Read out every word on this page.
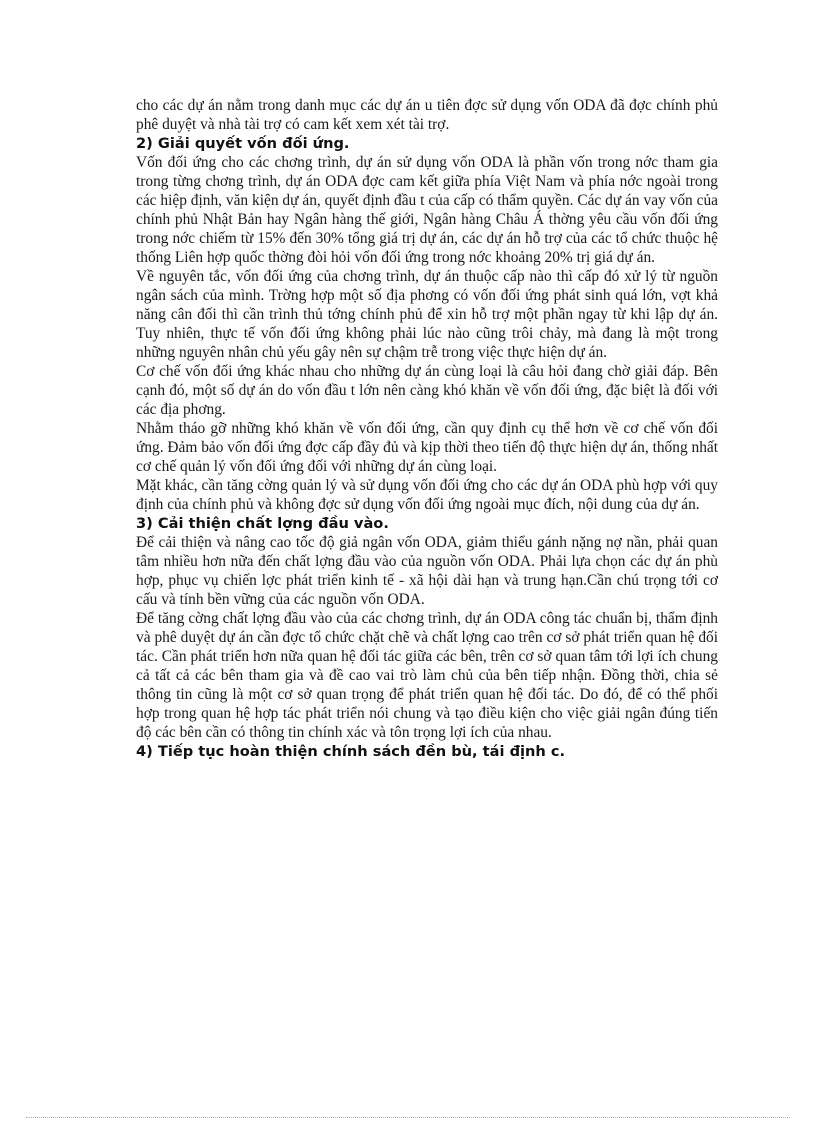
cho các dự án nằm trong danh mục các dự án u tiên đợc sử dụng vốn ODA đã đợc chính phủ phê duyệt và nhà tài trợ có cam kết xem xét tài trợ.

2) Giải quyết vốn đối ứng.

Vốn đối ứng cho các chơng trình, dự án sử dụng vốn ODA là phần vốn trong nớc tham gia trong từng chơng trình, dự án ODA đợc cam kết giữa phía Việt Nam và phía nớc ngoài trong các hiệp định, văn kiện dự án, quyết định đầu t của cấp có thẩm quyền. Các dự án vay vốn của chính phủ Nhật Bản hay Ngân hàng thế giới, Ngân hàng Châu Á thờng yêu cầu vốn đối ứng trong nớc chiếm từ 15% đến 30% tổng giá trị dự án, các dự án hỗ trợ của các tổ chức thuộc hệ thống Liên hợp quốc thờng đòi hỏi vốn đối ứng trong nớc khoảng 20% trị giá dự án.

Về nguyên tắc, vốn đối ứng của chơng trình, dự án thuộc cấp nào thì cấp đó xử lý từ nguồn ngân sách của mình. Trờng hợp một số địa phơng có vốn đối ứng phát sinh quá lớn, vợt khả năng cân đối thì cần trình thủ tớng chính phủ để xin hỗ trợ một phần ngay từ khi lập dự án. Tuy nhiên, thực tế vốn đối ứng không phải lúc nào cũng trôi chảy, mà đang là một trong những nguyên nhân chủ yếu gây nên sự chậm trễ trong việc thực hiện dự án.

Cơ chế vốn đối ứng khác nhau cho những dự án cùng loại là câu hỏi đang chờ giải đáp. Bên cạnh đó, một số dự án do vốn đầu t lớn nên càng khó khăn về vốn đối ứng, đặc biệt là đối với các địa phơng.

Nhằm tháo gỡ những khó khăn về vốn đối ứng, cần quy định cụ thể hơn về cơ chế vốn đối ứng. Đảm bảo vốn đối ứng đợc cấp đầy đủ và kịp thời theo tiến độ thực hiện dự án, thống nhất cơ chế quản lý vốn đối ứng đối với những dự án cùng loại.

Mặt khác, cần tăng cờng quản lý và sử dụng vốn đối ứng cho các dự án ODA phù hợp với quy định của chính phủ và không đợc sử dụng vốn đối ứng ngoài mục đích, nội dung của dự án.

3) Cải thiện chất lợng đầu vào.

Để cải thiện và nâng cao tốc độ giả ngân vốn ODA, giảm thiểu gánh nặng nợ nần, phải quan tâm nhiều hơn nữa đến chất lợng đầu vào của nguồn vốn ODA. Phải lựa chọn các dự án phù hợp, phục vụ chiến lợc phát triển kinh tế - xã hội dài hạn và trung hạn.Cần chú trọng tới cơ cấu và tính bền vững của các nguồn vốn ODA.

Để tăng cờng chất lợng đầu vào của các chơng trình, dự án ODA công tác chuẩn bị, thẩm định và phê duyệt dự án cần đợc tổ chức chặt chẽ và chất lợng cao trên cơ sở phát triển quan hệ đối tác. Cần phát triển hơn nữa quan hệ đối tác giữa các bên, trên cơ sở quan tâm tới lợi ích chung cả tất cả các bên tham gia và đề cao vai trò làm chủ của bên tiếp nhận. Đồng thời, chia sẻ thông tin cũng là một cơ sở quan trọng để phát triển quan hệ đối tác. Do đó, để có thể phối hợp trong quan hệ hợp tác phát triển nói chung và tạo điều kiện cho việc giải ngân đúng tiến độ các bên cần có thông tin chính xác và tôn trọng lợi ích của nhau.

4) Tiếp tục hoàn thiện chính sách đền bù, tái định c.
